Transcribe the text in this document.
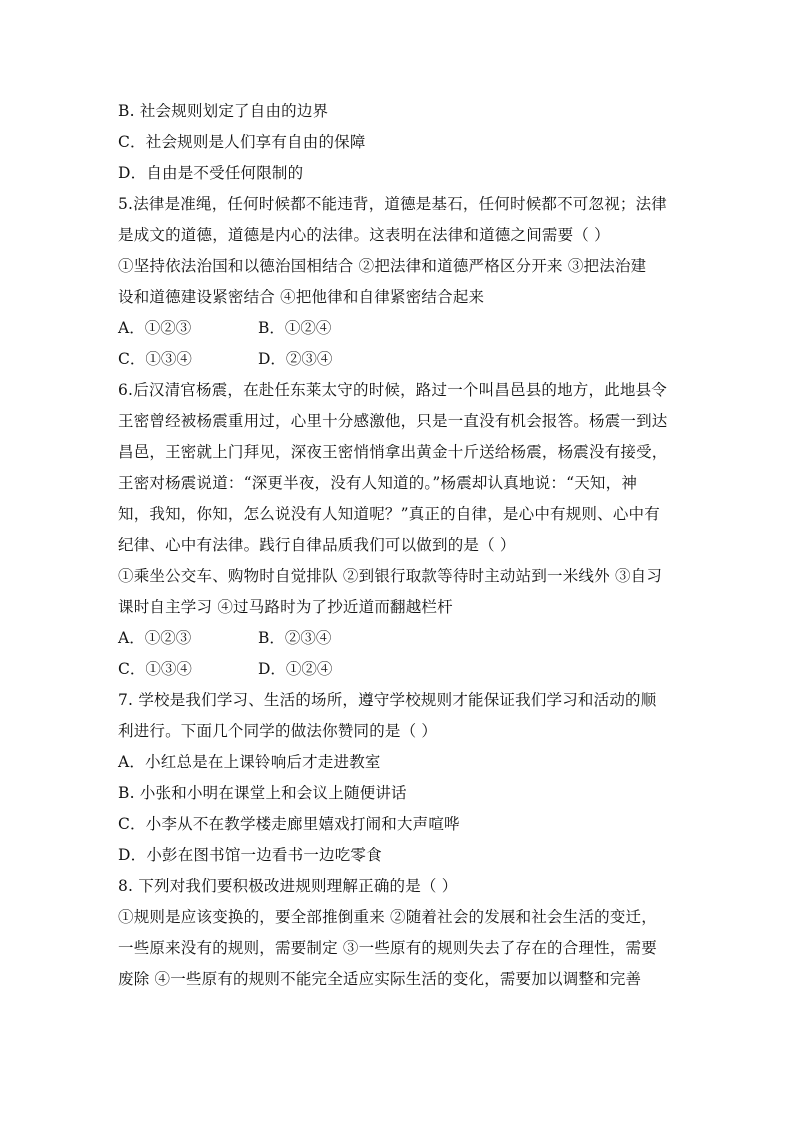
B. 社会规则划定了自由的边界
C．社会规则是人们享有自由的保障
D．自由是不受任何限制的
5.法律是准绳，任何时候都不能违背，道德是基石，任何时候都不可忽视；法律
是成文的道德，道德是内心的法律。这表明在法律和道德之间需要（ ）
①坚持依法治国和以德治国相结合 ②把法律和道德严格区分开来 ③把法治建
设和道德建设紧密结合 ④把他律和自律紧密结合起来
A．①②③	B．①②④
C．①③④	D．②③④
6.后汉清官杨震，在赴任东莱太守的时候，路过一个叫昌邑县的地方，此地县令
王密曾经被杨震重用过，心里十分感激他，只是一直没有机会报答。杨震一到达
昌邑，王密就上门拜见，深夜王密悄悄拿出黄金十斤送给杨震，杨震没有接受，
王密对杨震说道：“深更半夜，没有人知道的。”杨震却认真地说：“天知，神
知，我知，你知，怎么说没有人知道呢？”真正的自律，是心中有规则、心中有
纪律、心中有法律。践行自律品质我们可以做到的是（ ）
①乘坐公交车、购物时自觉排队 ②到银行取款等待时主动站到一米线外 ③自习
课时自主学习 ④过马路时为了抄近道而翻越栏杆
A．①②③	B．②③④
C．①③④	D．①②④
7. 学校是我们学习、生活的场所，遵守学校规则才能保证我们学习和活动的顺
利进行。下面几个同学的做法你赞同的是（ ）
A．小红总是在上课铃响后才走进教室
B. 小张和小明在课堂上和会议上随便讲话
C．小李从不在教学楼走廊里嬉戏打闹和大声喧哗
D．小彭在图书馆一边看书一边吃零食
8. 下列对我们要积极改进规则理解正确的是（ ）
①规则是应该变换的，要全部推倒重来 ②随着社会的发展和社会生活的变迁，
一些原来没有的规则，需要制定 ③一些原有的规则失去了存在的合理性，需要
废除 ④一些原有的规则不能完全适应实际生活的变化，需要加以调整和完善
